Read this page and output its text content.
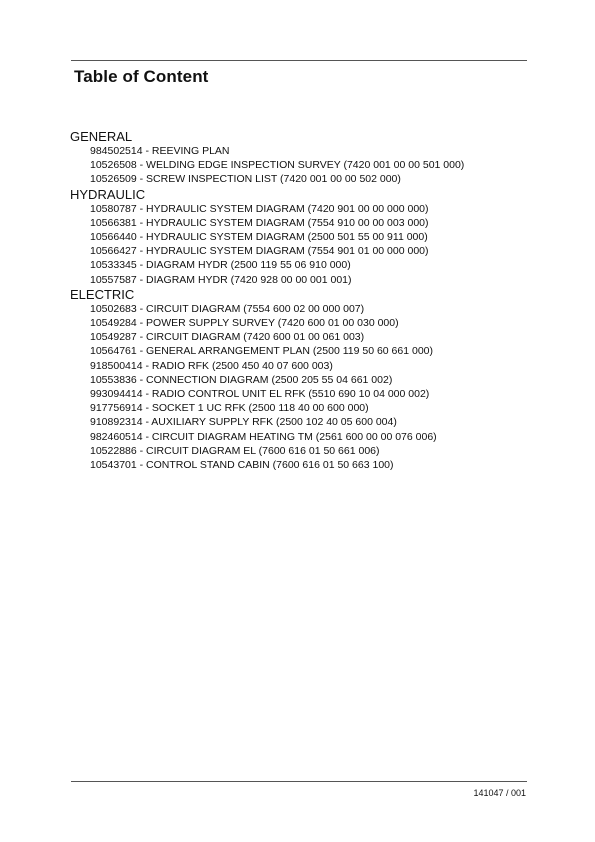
Table of Content
GENERAL
984502514 - REEVING PLAN
10526508 - WELDING EDGE INSPECTION SURVEY (7420 001 00 00 501 000)
10526509 - SCREW INSPECTION LIST (7420 001 00 00 502 000)
HYDRAULIC
10580787 - HYDRAULIC SYSTEM DIAGRAM (7420 901 00 00 000 000)
10566381 - HYDRAULIC SYSTEM DIAGRAM (7554 910 00 00 003 000)
10566440 - HYDRAULIC SYSTEM DIAGRAM (2500 501 55 00 911 000)
10566427 - HYDRAULIC SYSTEM DIAGRAM (7554 901 01 00 000 000)
10533345 - DIAGRAM HYDR (2500 119 55 06 910 000)
10557587 - DIAGRAM HYDR (7420 928 00 00 001 001)
ELECTRIC
10502683 - CIRCUIT DIAGRAM (7554 600 02 00 000 007)
10549284 - POWER SUPPLY SURVEY (7420 600 01 00 030 000)
10549287 - CIRCUIT DIAGRAM (7420 600 01 00 061 003)
10564761 - GENERAL ARRANGEMENT PLAN (2500 119 50 60 661 000)
918500414 - RADIO RFK (2500 450 40 07 600 003)
10553836 - CONNECTION DIAGRAM (2500 205 55 04 661 002)
993094414 - RADIO CONTROL UNIT EL RFK (5510 690 10 04 000 002)
917756914 - SOCKET 1 UC RFK (2500 118 40 00 600 000)
910892314 - AUXILIARY SUPPLY RFK (2500 102 40 05 600 004)
982460514 - CIRCUIT DIAGRAM HEATING TM (2561 600 00 00 076 006)
10522886 - CIRCUIT DIAGRAM EL (7600 616 01 50 661 006)
10543701 - CONTROL STAND CABIN (7600 616 01 50 663 100)
141047 / 001
